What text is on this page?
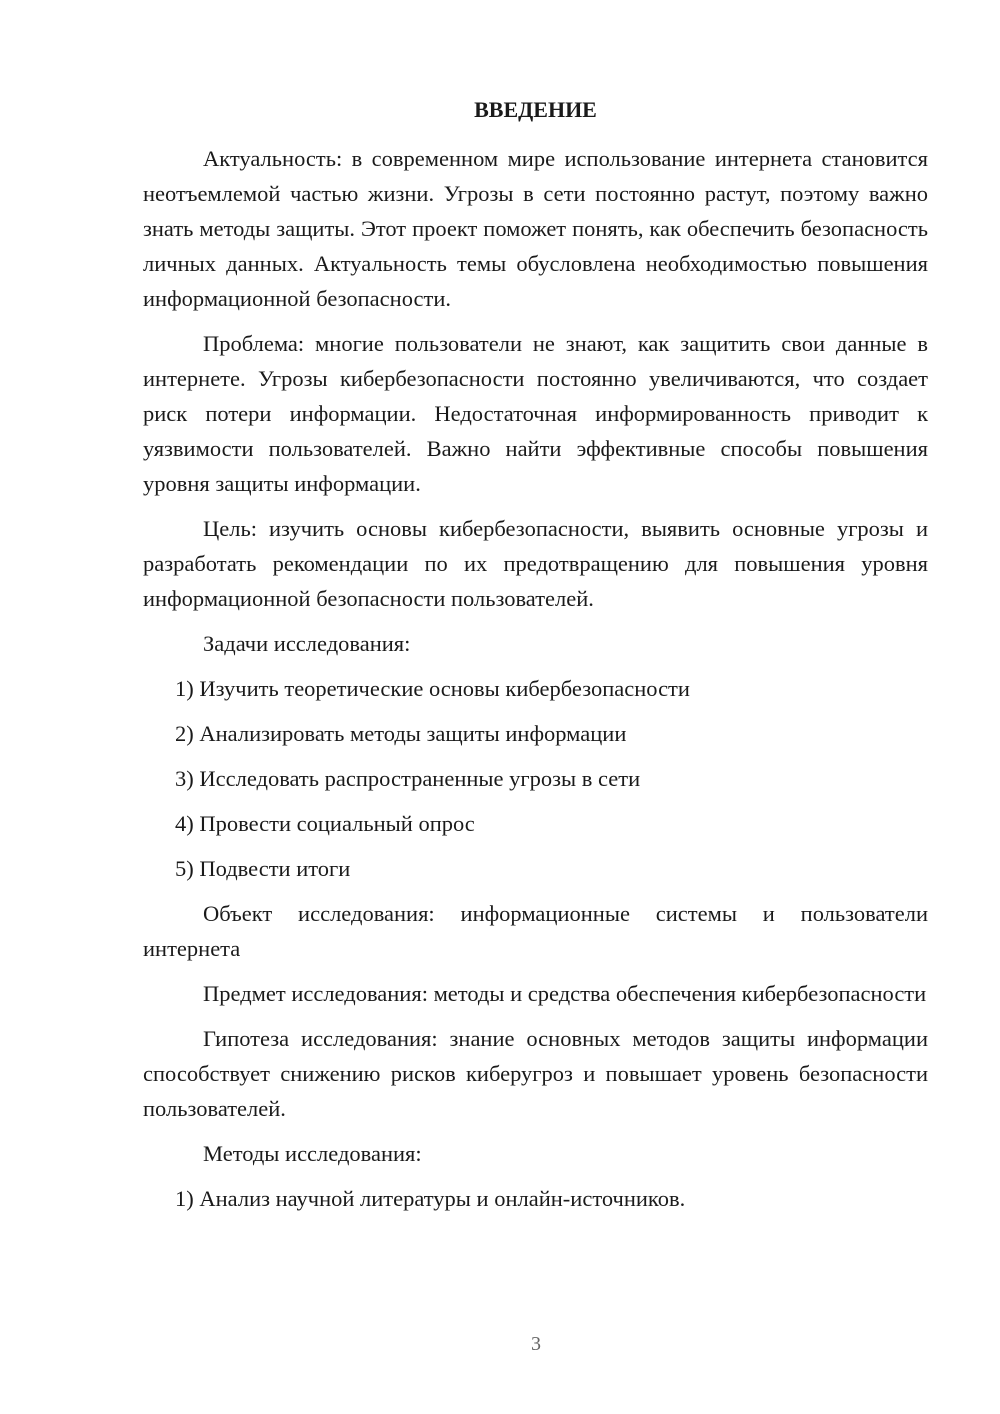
ВВЕДЕНИЕ

Актуальность: в современном мире использование интернета становится неотъемлемой частью жизни. Угрозы в сети постоянно растут, поэтому важно знать методы защиты. Этот проект поможет понять, как обеспечить безопасность личных данных. Актуальность темы обусловлена необходимостью повышения информационной безопасности.

Проблема: многие пользователи не знают, как защитить свои данные в интернете. Угрозы кибербезопасности постоянно увеличиваются, что создает риск потери информации. Недостаточная информированность приводит к уязвимости пользователей. Важно найти эффективные способы повышения уровня защиты информации.

Цель: изучить основы кибербезопасности, выявить основные угрозы и разработать рекомендации по их предотвращению для повышения уровня информационной безопасности пользователей.

Задачи исследования:

1) Изучить теоретические основы кибербезопасности
2) Анализировать методы защиты информации
3) Исследовать распространенные угрозы в сети
4) Провести социальный опрос
5) Подвести итоги

Объект исследования: информационные системы и пользователи интернета

Предмет исследования: методы и средства обеспечения кибербезопасности

Гипотеза исследования: знание основных методов защиты информации способствует снижению рисков киберугроз и повышает уровень безопасности пользователей.

Методы исследования:

1) Анализ научной литературы и онлайн-источников.
3
